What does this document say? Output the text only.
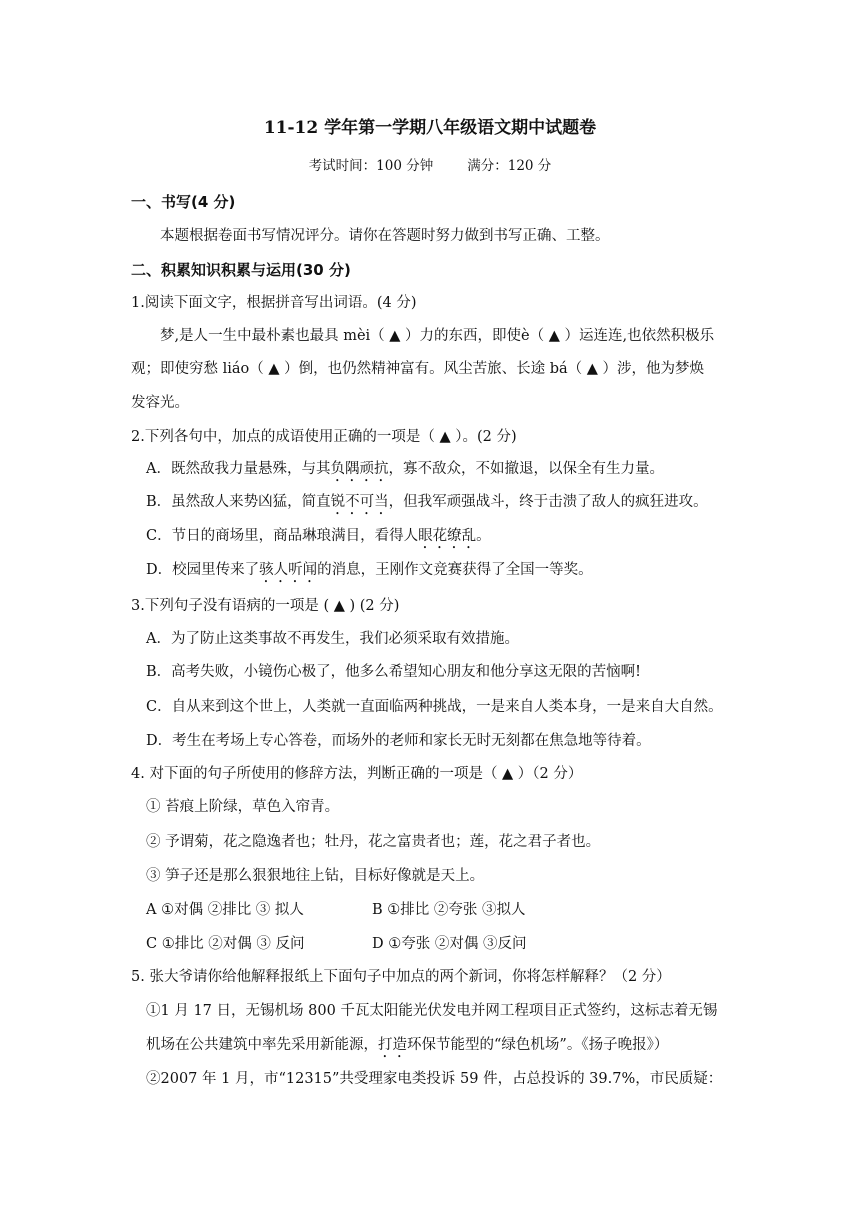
11-12 学年第一学期八年级语文期中试题卷
考试时间：100 分钟	满分：120 分
一、书写(4 分)
本题根据卷面书写情况评分。请你在答题时努力做到书写正确、工整。
二、积累知识积累与运用(30 分)
1.阅读下面文字，根据拼音写出词语。(4 分)
梦,是人一生中最朴素也最具 mèi（ ▲ ）力的东西，即使è（ ▲ ）运连连,也依然积极乐
观；即使穷愁 liáo（ ▲ ）倒，也仍然精神富有。风尘苦旅、长途 bá（ ▲ ）涉，他为梦焕
发容光。
2.下列各句中，加点的成语使用正确的一项是（ ▲ ）。(2 分)
A．既然敌我力量悬殊，与其负隅顽抗，寡不敌众，不如撤退，以保全有生力量。
B．虽然敌人来势凶猛，简直锐不可当，但我军顽强战斗，终于击溃了敌人的疯狂进攻。
C．节日的商场里，商品琳琅满目，看得人眼花缭乱。
D．校园里传来了骇人听闻的消息，王刚作文竞赛获得了全国一等奖。
3.下列句子没有语病的一项是 ( ▲ ) (2 分)
A．为了防止这类事故不再发生，我们必须采取有效措施。
B．高考失败，小镜伤心极了，他多么希望知心朋友和他分享这无限的苦恼啊!
C．自从来到这个世上，人类就一直面临两种挑战，一是来自人类本身，一是来自大自然。
D．考生在考场上专心答卷，而场外的老师和家长无时无刻都在焦急地等待着。
4. 对下面的句子所使用的修辞方法，判断正确的一项是（ ▲ ）（2 分）
① 苔痕上阶绿，草色入帘青。
② 予谓菊，花之隐逸者也；牡丹，花之富贵者也；莲，花之君子者也。
③ 笋子还是那么狠狠地往上钻，目标好像就是天上。
A ①对偶 ②排比 ③ 拟人	B ①排比 ②夸张 ③拟人
C ①排比 ②对偶 ③ 反问	D ①夸张 ②对偶 ③反问
5. 张大爷请你给他解释报纸上下面句子中加点的两个新词，你将怎样解释？（2 分）
①1 月 17 日，无锡机场 800 千瓦太阳能光伏发电并网工程项目正式签约，这标志着无锡
机场在公共建筑中率先采用新能源，打造环保节能型的“绿色机场”。《扬子晚报》）
②2007 年 1 月，市“12315”共受理家电类投诉 59 件，占总投诉的 39.7%，市民质疑：
